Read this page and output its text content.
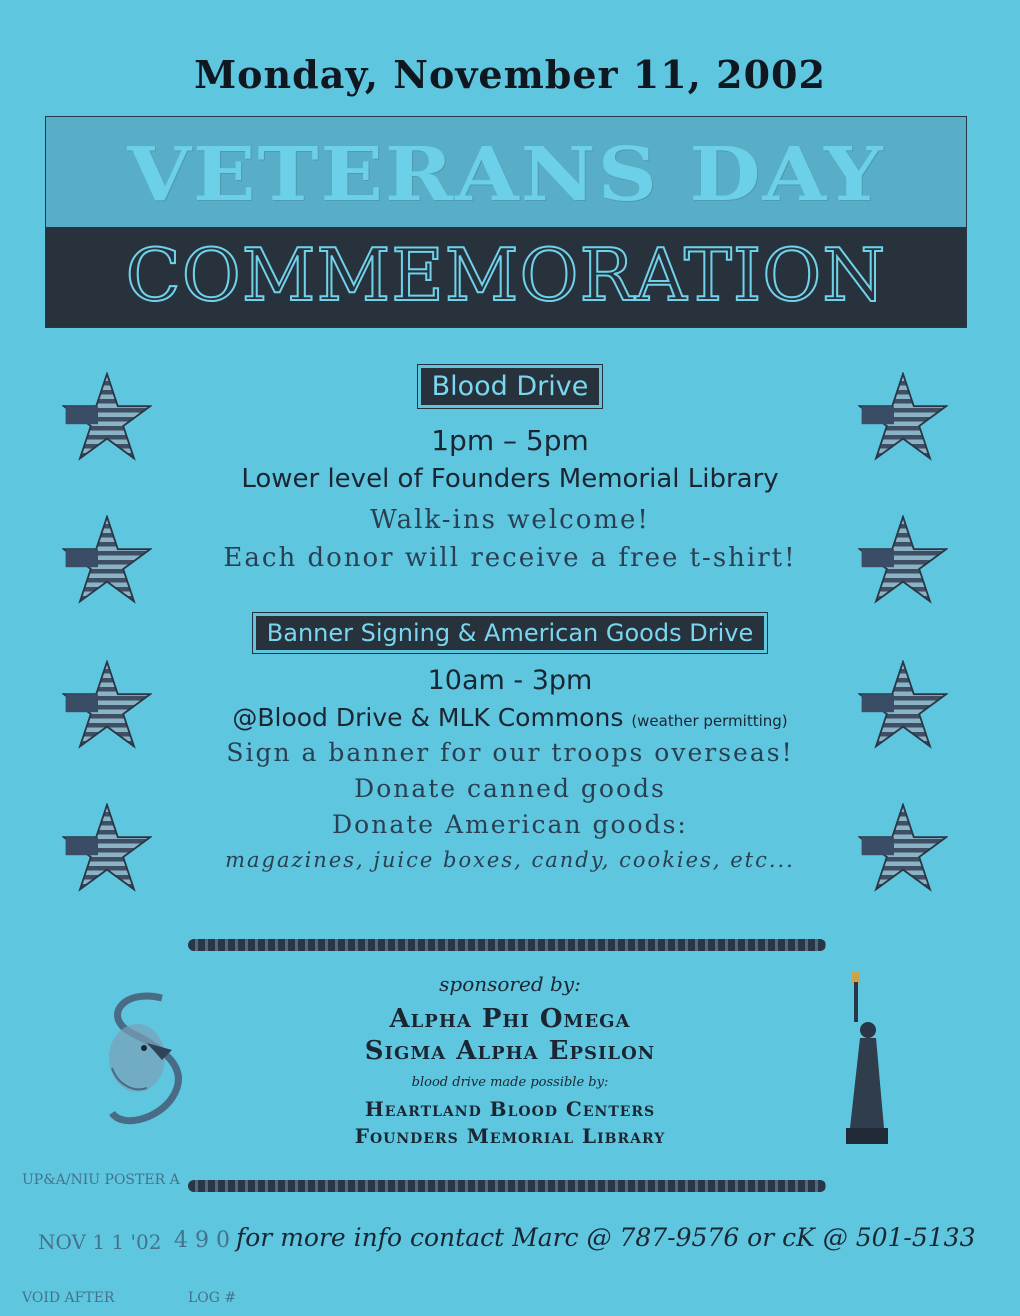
Monday, November 11, 2002
VETERANS DAY
COMMEMORATION
Blood Drive
1pm – 5pm
Lower level of Founders Memorial Library
Walk-ins welcome!
Each donor will receive a free t-shirt!
Banner Signing & American Goods Drive
10am - 3pm
@Blood Drive & MLK Commons (weather permitting)
Sign a banner for our troops overseas!
Donate canned goods
Donate American goods:
magazines, juice boxes, candy, cookies, etc...
sponsored by:
Alpha Phi Omega
Sigma Alpha Epsilon
blood drive made possible by:
Heartland Blood Centers
Founders Memorial Library
UP&A/NIU POSTER A
NOV 1 1 '02 4 9 0
VOID AFTER	LOG #
for more info contact Marc @ 787-9576 or cK @ 501-5133
